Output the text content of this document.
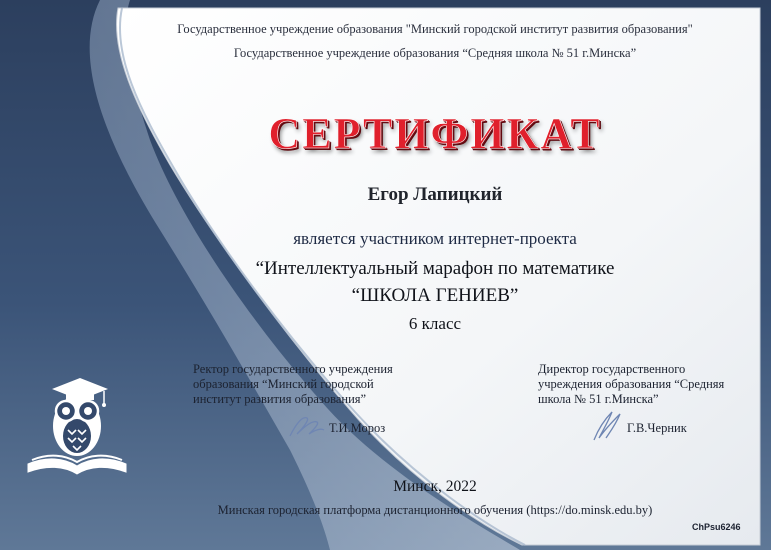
Государственное учреждение образования "Минский городской институт развития образования"
Государственное учреждение образования “Средняя школа № 51 г.Минска”
СЕРТИФИКАТ
Егор Лапицкий
является участником интернет-проекта
“Интеллектуальный марафон по математике
“ШКОЛА ГЕНИЕВ”
6 класс
Ректор государственного учреждения образования “Минский городской институт развития образования”
Т.И.Мороз
Директор государственного учреждения образования “Средняя школа № 51 г.Минска”
Г.В.Черник
Минск, 2022
Минская городская платформа дистанционного обучения (https://do.minsk.edu.by)
ChPsu6246
